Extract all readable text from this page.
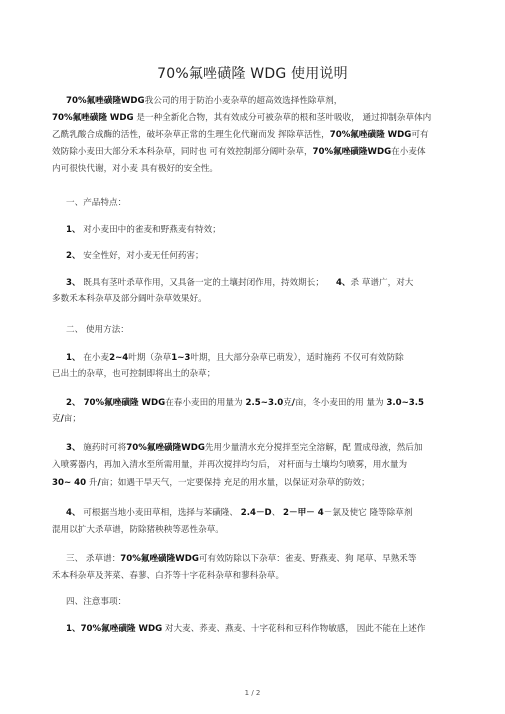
70%氟唑磺隆 WDG 使用说明
70%氟唑磺隆WDG我公司的用于防治小麦杂草的超高效选择性除草剂，
70%氟唑磺隆 WDG 是一种全新化合物，其有效成分可被杂草的根和茎叶吸收， 通过抑制杂草体内
乙酰乳酸合成酶的活性，破坏杂草正常的生理生化代谢而发 挥除草活性，70%氟唑磺隆 WDG可有
效防除小麦田大部分禾本科杂草，同时也 可有效控制部分阔叶杂草，70%氟唑磺隆WDG在小麦体
内可很快代谢，对小麦 具有极好的安全性。
一、产品特点：
1、 对小麦田中的雀麦和野燕麦有特效；
2、 安全性好，对小麦无任何药害；
3、 既具有茎叶杀草作用，又具备一定的土壤封闭作用，持效期长； 4、杀 草谱广，对大
多数禾本科杂草及部分阔叶杂草效果好。
二、 使用方法：
1、 在小麦2~4叶期（杂草1~3叶期，且大部分杂草已萌发），适时施药 不仅可有效防除
已出土的杂草，也可控制即将出土的杂草；
2、 70%氟唑磺隆 WDG在春小麦田的用量为 2.5~3.0克/亩，冬小麦田的用 量为 3.0~3.5
克/亩；
3、 施药时可将70%氟唑磺隆WDG先用少量清水充分搅拌至完全溶解，配 置成母液，然后加
入喷雾器内，再加入清水至所需用量，并再次搅拌均匀后， 对杆面与土壤均匀喷雾，用水量为
30~ 40 升/亩；如遇干旱天气，一定要保持 充足的用水量，以保证对杂草的防效；
4、 可根据当地小麦田草相，选择与苯磺隆、 2.4－D、 2－甲－ 4－氯及使它 隆等除草剂
混用以扩大杀草谱，防除猪秧秧等恶性杂草。
三、 杀草谱：70%氟唑磺隆WDG可有效防除以下杂草：雀麦、野燕麦、狗 尾草、早熟禾等
禾本科杂草及荠菜、春蓼、白芥等十字花科杂草和蓼科杂草。
四、注意事项：
1、70%氟唑磺隆 WDG 对大麦、荞麦、燕麦、十字花科和豆科作物敏感， 因此不能在上述作
1 / 2
